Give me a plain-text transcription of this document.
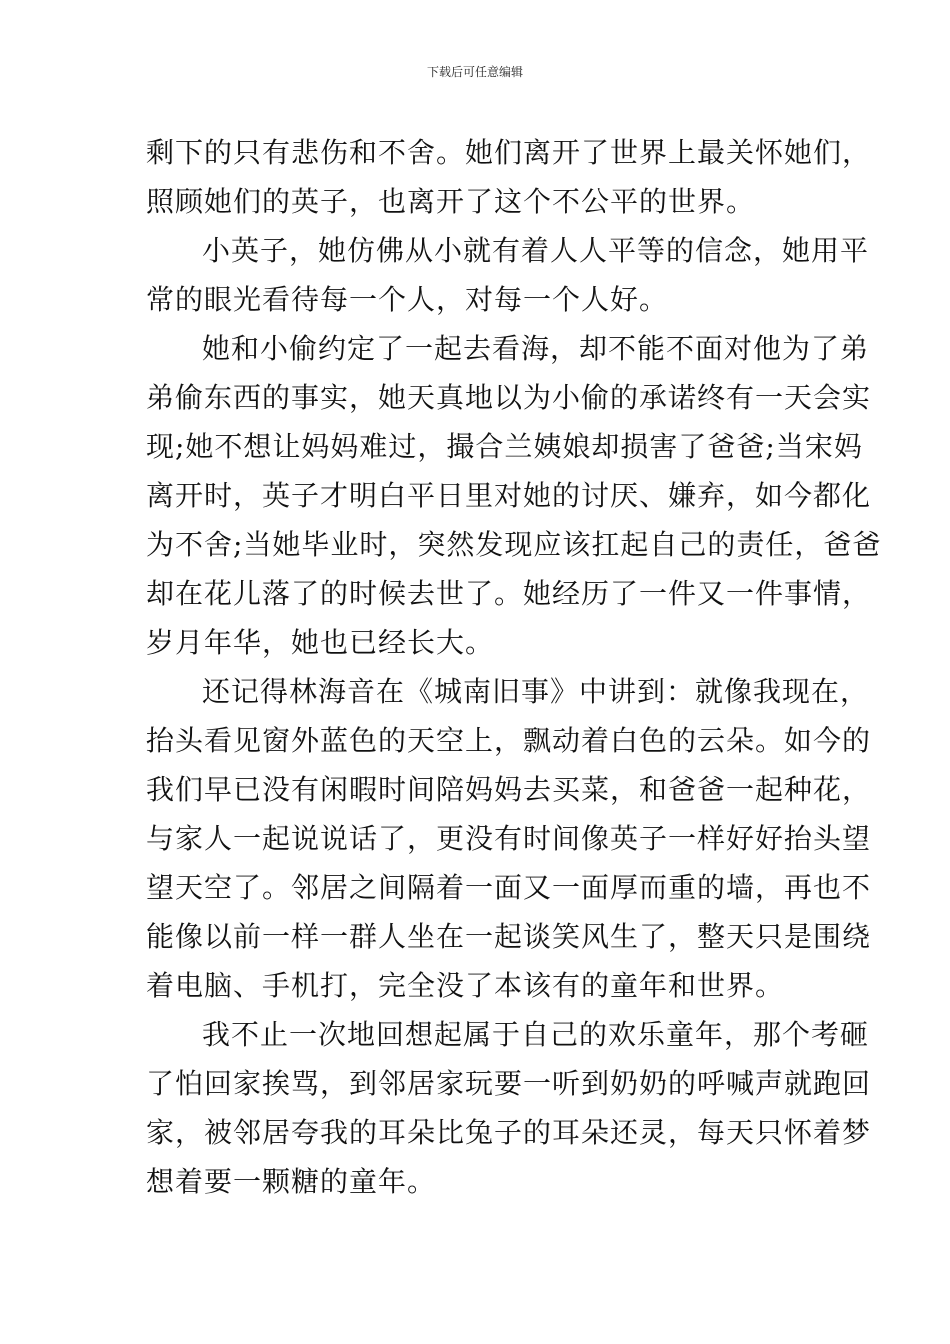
下载后可任意编辑
剩下的只有悲伤和不舍。她们离开了世界上最关怀她们，
照顾她们的英子，也离开了这个不公平的世界。
小英子，她仿佛从小就有着人人平等的信念，她用平
常的眼光看待每一个人，对每一个人好。
她和小偷约定了一起去看海，却不能不面对他为了弟
弟偷东西的事实，她天真地以为小偷的承诺终有一天会实
现;她不想让妈妈难过，撮合兰姨娘却损害了爸爸;当宋妈
离开时，英子才明白平日里对她的讨厌、嫌弃，如今都化
为不舍;当她毕业时，突然发现应该扛起自己的责任，爸爸
却在花儿落了的时候去世了。她经历了一件又一件事情，
岁月年华，她也已经长大。
还记得林海音在《城南旧事》中讲到：就像我现在，
抬头看见窗外蓝色的天空上，飘动着白色的云朵。如今的
我们早已没有闲暇时间陪妈妈去买菜，和爸爸一起种花，
与家人一起说说话了，更没有时间像英子一样好好抬头望
望天空了。邻居之间隔着一面又一面厚而重的墙，再也不
能像以前一样一群人坐在一起谈笑风生了，整天只是围绕
着电脑、手机打，完全没了本该有的童年和世界。
我不止一次地回想起属于自己的欢乐童年，那个考砸
了怕回家挨骂，到邻居家玩要一听到奶奶的呼喊声就跑回
家，被邻居夸我的耳朵比兔子的耳朵还灵，每天只怀着梦
想着要一颗糖的童年。
